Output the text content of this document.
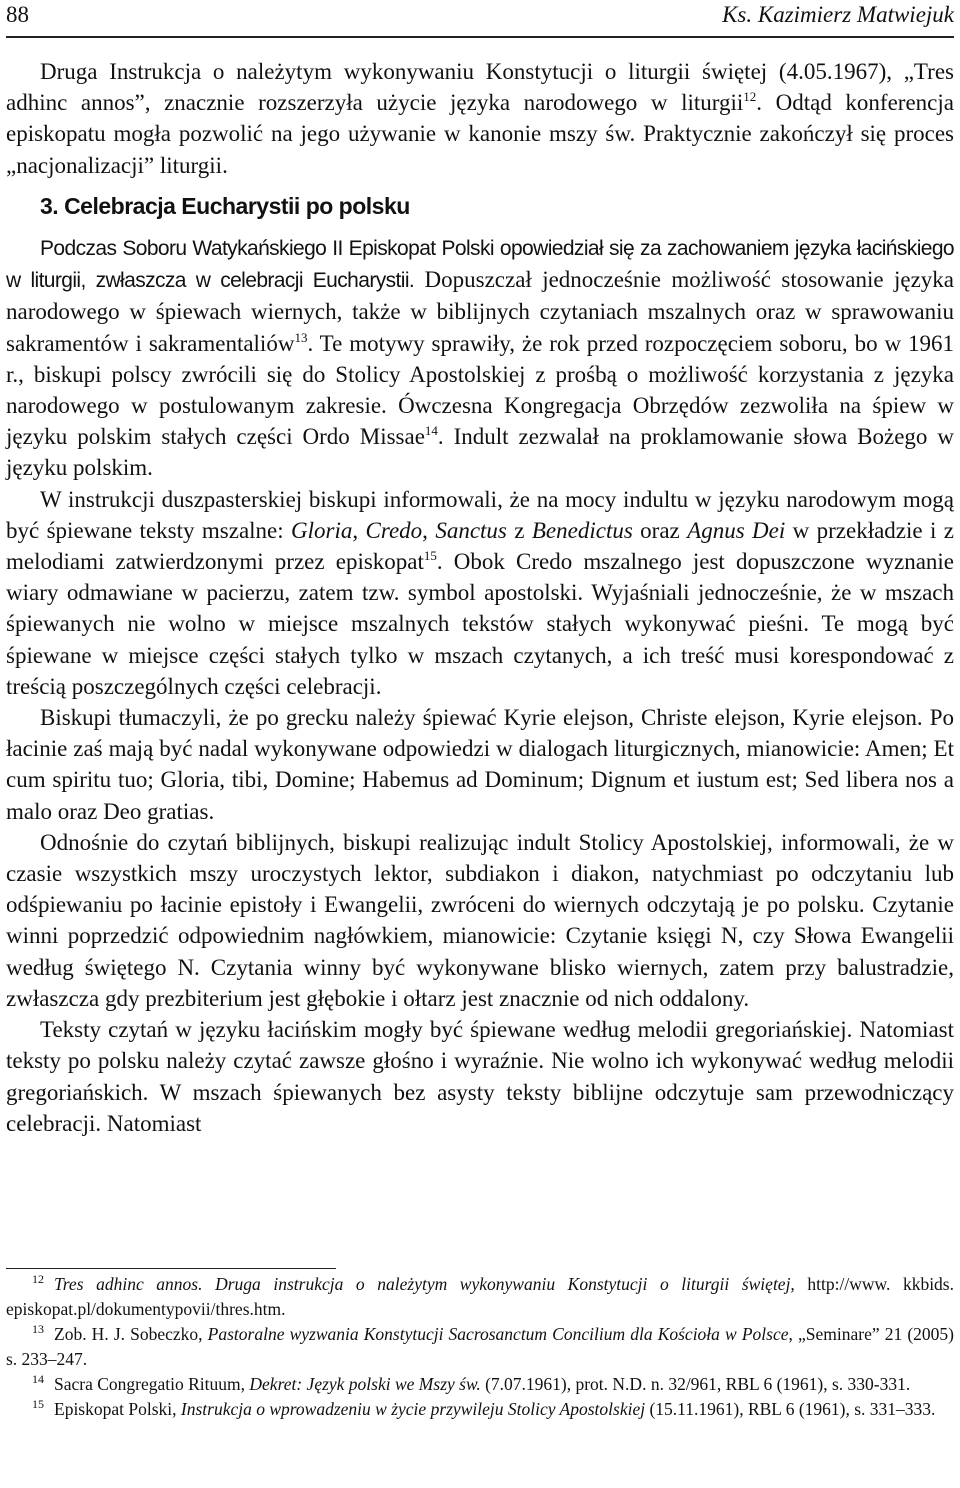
88	Ks. Kazimierz Matwiejuk

Druga Instrukcja o należytym wykonywaniu Konstytucji o liturgii świętej (4.05.1967), „Tres adhinc annos”, znacznie rozszerzyła użycie języka narodowego w liturgii$^{12}$. Odtąd konferencja episkopatu mogła pozwolić na jego używanie w kanonie mszy św. Praktycznie zakończył się proces „nacjonalizacji” liturgii.

3. Celebracja Eucharystii po polsku

Podczas Soboru Watykańskiego II Episkopat Polski opowiedział się za zachowaniem języka łacińskiego w liturgii, zwłaszcza w celebracji Eucharystii. Dopuszczał jednocześnie możliwość stosowanie języka narodowego w śpiewach wiernych, także w biblijnych czytaniach mszalnych oraz w sprawowaniu sakramentów i sakramentaliów$^{13}$. Te motywy sprawiły, że rok przed rozpoczęciem soboru, bo w 1961 r., biskupi polscy zwrócili się do Stolicy Apostolskiej z prośbą o możliwość korzystania z języka narodowego w postulowanym zakresie. Ówczesna Kongregacja Obrzędów zezwoliła na śpiew w języku polskim stałych części Ordo Missae$^{14}$. Indult zezwalał na proklamowanie słowa Bożego w języku polskim.

W instrukcji duszpasterskiej biskupi informowali, że na mocy indultu w języku narodowym mogą być śpiewane teksty mszalne: Gloria, Credo, Sanctus z Benedictus oraz Agnus Dei w przekładzie i z melodiami zatwierdzonymi przez episkopat$^{15}$. Obok Credo mszalnego jest dopuszczone wyznanie wiary odmawiane w pacierzu, zatem tzw. symbol apostolski. Wyjaśniali jednocześnie, że w mszach śpiewanych nie wolno w miejsce mszalnych tekstów stałych wykonywać pieśni. Te mogą być śpiewane w miejsce części stałych tylko w mszach czytanych, a ich treść musi korespondować z treścią poszczególnych części celebracji.

Biskupi tłumaczyli, że po grecku należy śpiewać Kyrie elejson, Christe elejson, Kyrie elejson. Po łacinie zaś mają być nadal wykonywane odpowiedzi w dialogach liturgicznych, mianowicie: Amen; Et cum spiritu tuo; Gloria, tibi, Domine; Habemus ad Dominum; Dignum et iustum est; Sed libera nos a malo oraz Deo gratias.

Odnośnie do czytań biblijnych, biskupi realizując indult Stolicy Apostolskiej, informowali, że w czasie wszystkich mszy uroczystych lektor, subdiakon i diakon, natychmiast po odczytaniu lub odśpiewaniu po łacinie epistoły i Ewangelii, zwróceni do wiernych odczytają je po polsku. Czytanie winni poprzedzić odpowiednim nagłówkiem, mianowicie: Czytanie księgi N, czy Słowa Ewangelii według świętego N. Czytania winny być wykonywane blisko wiernych, zatem przy balustradzie, zwłaszcza gdy prezbiterium jest głębokie i ołtarz jest znacznie od nich oddalony.

Teksty czytań w języku łacińskim mogły być śpiewane według melodii gregoriańskiej. Natomiast teksty po polsku należy czytać zawsze głośno i wyraźnie. Nie wolno ich wykonywać według melodii gregoriańskich. W mszach śpiewanych bez asysty teksty biblijne odczytuje sam przewodniczący celebracji. Natomiast

$^{12}$ Tres adhinc annos. Druga instrukcja o należytym wykonywaniu Konstytucji o liturgii świętej, http://www. kkbids. episkopat.pl/dokumentypovii/thres.htm.

$^{13}$ Zob. H. J. Sobeczko, Pastoralne wyzwania Konstytucji Sacrosanctum Concilium dla Kościoła w Polsce, „Seminare” 21 (2005) s. 233–247.

$^{14}$ Sacra Congregatio Rituum, Dekret: Język polski we Mszy św. (7.07.1961), prot. N.D. n. 32/961, RBL 6 (1961), s. 330-331.

$^{15}$ Episkopat Polski, Instrukcja o wprowadzeniu w życie przywileju Stolicy Apostolskiej (15.11.1961), RBL 6 (1961), s. 331–333.
